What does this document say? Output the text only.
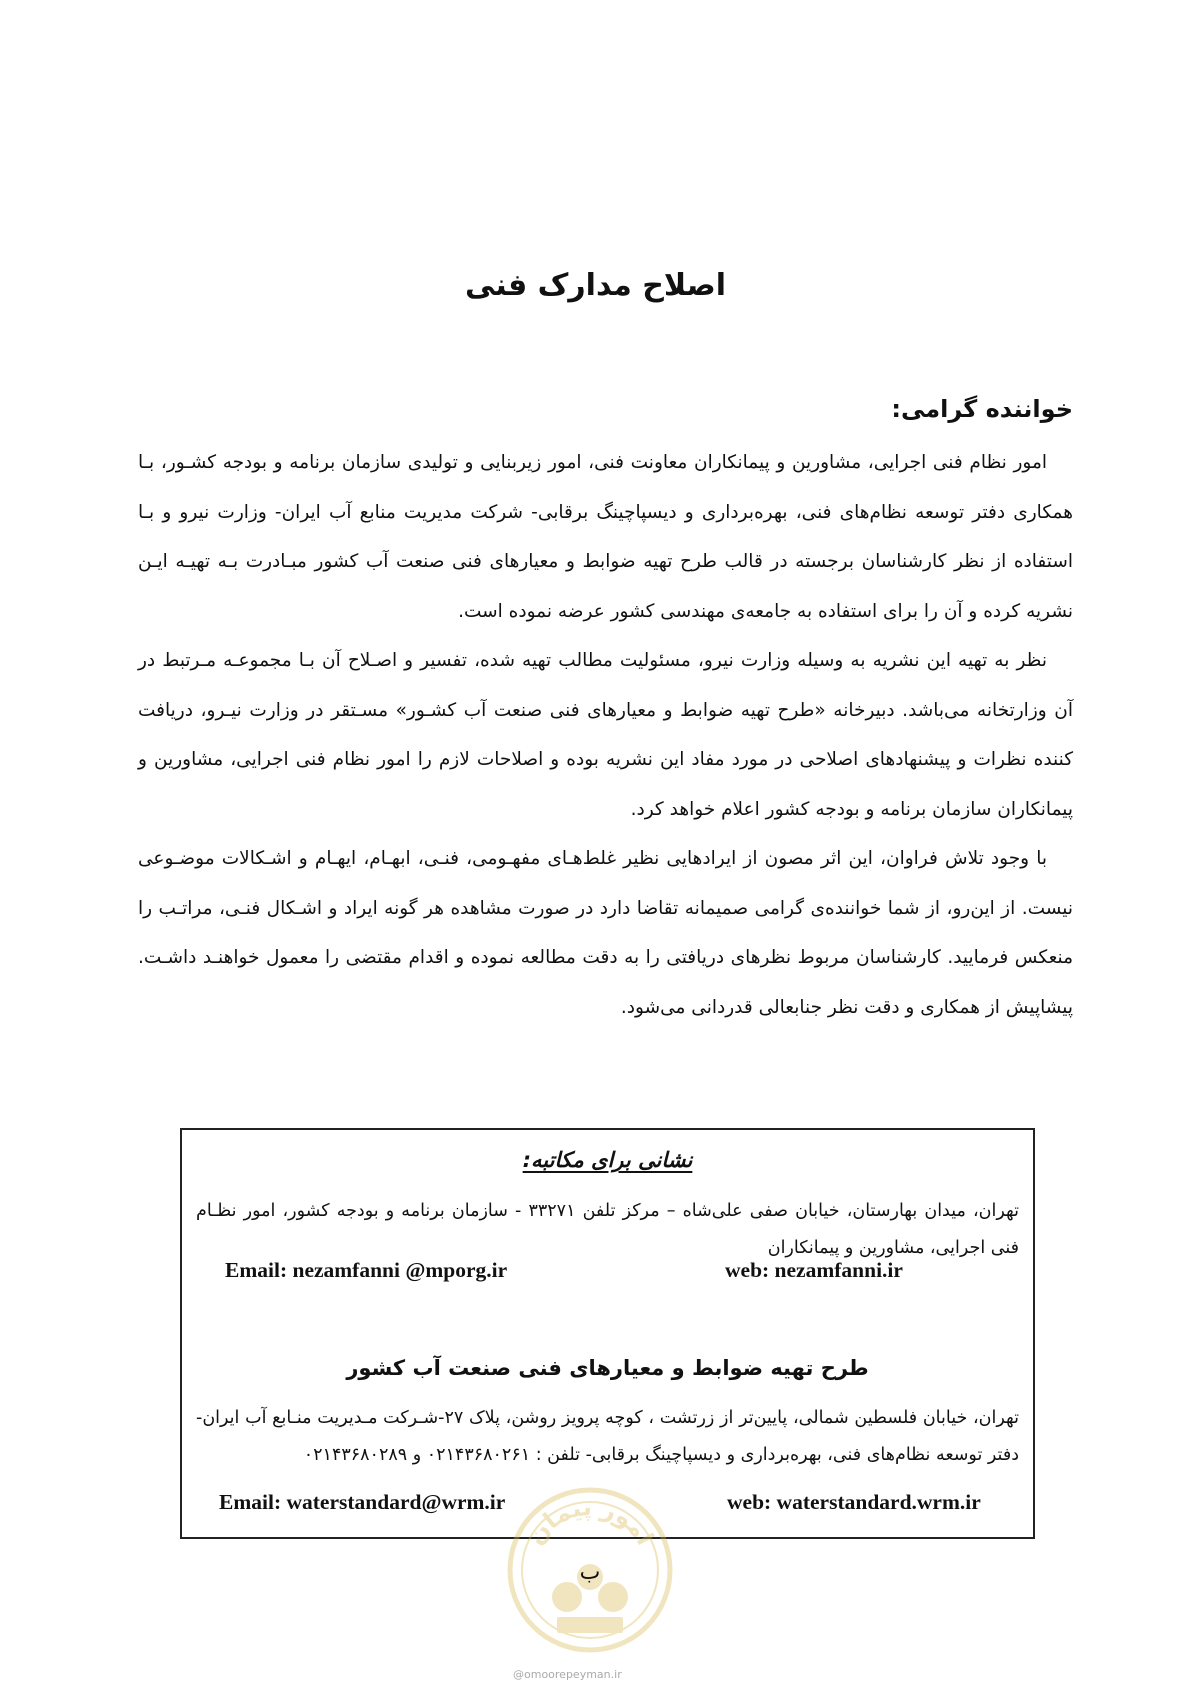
اصلاح مدارک فنی
خواننده گرامی:

امور نظام فنی اجرایی، مشاورین و پیمانکاران معاونت فنی، امور زیربنایی و تولیدی سازمان برنامه و بودجه کشـور، بـا همکاری دفتر توسعه نظام‌های فنی، بهره‌برداری و دیسپاچینگ برقابی- شرکت مدیریت منابع آب ایران- وزارت نیرو و بـا استفاده از نظر کارشناسان برجسته در قالب طرح تهیه ضوابط و معیارهای فنی صنعت آب کشور مبـادرت بـه تهیـه ایـن نشریه کرده و آن را برای استفاده به جامعه‌ی مهندسی کشور عرضه نموده است.

نظر به تهیه این نشریه به وسیله وزارت نیرو، مسئولیت مطالب تهیه شده، تفسیر و اصـلاح آن بـا مجموعـه مـرتبط در آن وزارتخانه می‌باشد. دبیرخانه «طرح تهیه ضوابط و معیارهای فنی صنعت آب کشـور» مسـتقر در وزارت نیـرو، دریافت کننده نظرات و پیشنهادهای اصلاحی در مورد مفاد این نشریه بوده و اصلاحات لازم را امور نظام فنی اجرایی، مشاورین و پیمانکاران سازمان برنامه و بودجه کشور اعلام خواهد کرد.

با وجود تلاش فراوان، این اثر مصون از ایرادهایی نظیر غلط‌هـای مفهـومی، فنـی، ابهـام، ایهـام و اشـکالات موضـوعی نیست. از این‌رو، از شما خواننده‌ی گرامی صمیمانه تقاضا دارد در صورت مشاهده هر گونه ایراد و اشـکال فنـی، مراتـب را منعکس فرمایید. کارشناسان مربوط نظرهای دریافتی را به دقت مطالعه نموده و اقدام مقتضی را معمول خواهنـد داشـت. پیشاپیش از همکاری و دقت نظر جنابعالی قدردانی می‌شود.

نشانی برای مکاتبه:
تهران، میدان بهارستان، خیابان صفی علی‌شاه – مرکز تلفن ۳۳۲۷۱ - سازمان برنامه و بودجه کشور، امور نظـام فنی اجرایی، مشاورین و پیمانکاران
Email: nezamfanni @mporg.ir	web: nezamfanni.ir
طرح تهیه ضوابط و معیارهای فنی صنعت آب کشور
تهران، خیابان فلسطین شمالی، پایین‌تر از زرتشت ، کوچه پرویز روشن، پلاک ۲۷-شـرکت مـدیریت منـابع آب ایران- دفتر توسعه نظام‌های فنی، بهره‌برداری و دیسپاچینگ برقابی- تلفن : ۰۲۱۴۳۶۸۰۲۶۱ و ۰۲۱۴۳۶۸۰۲۸۹
Email: waterstandard@wrm.ir	web: waterstandard.wrm.ir
امور پیمان
ب
@omoorepeyman.ir
